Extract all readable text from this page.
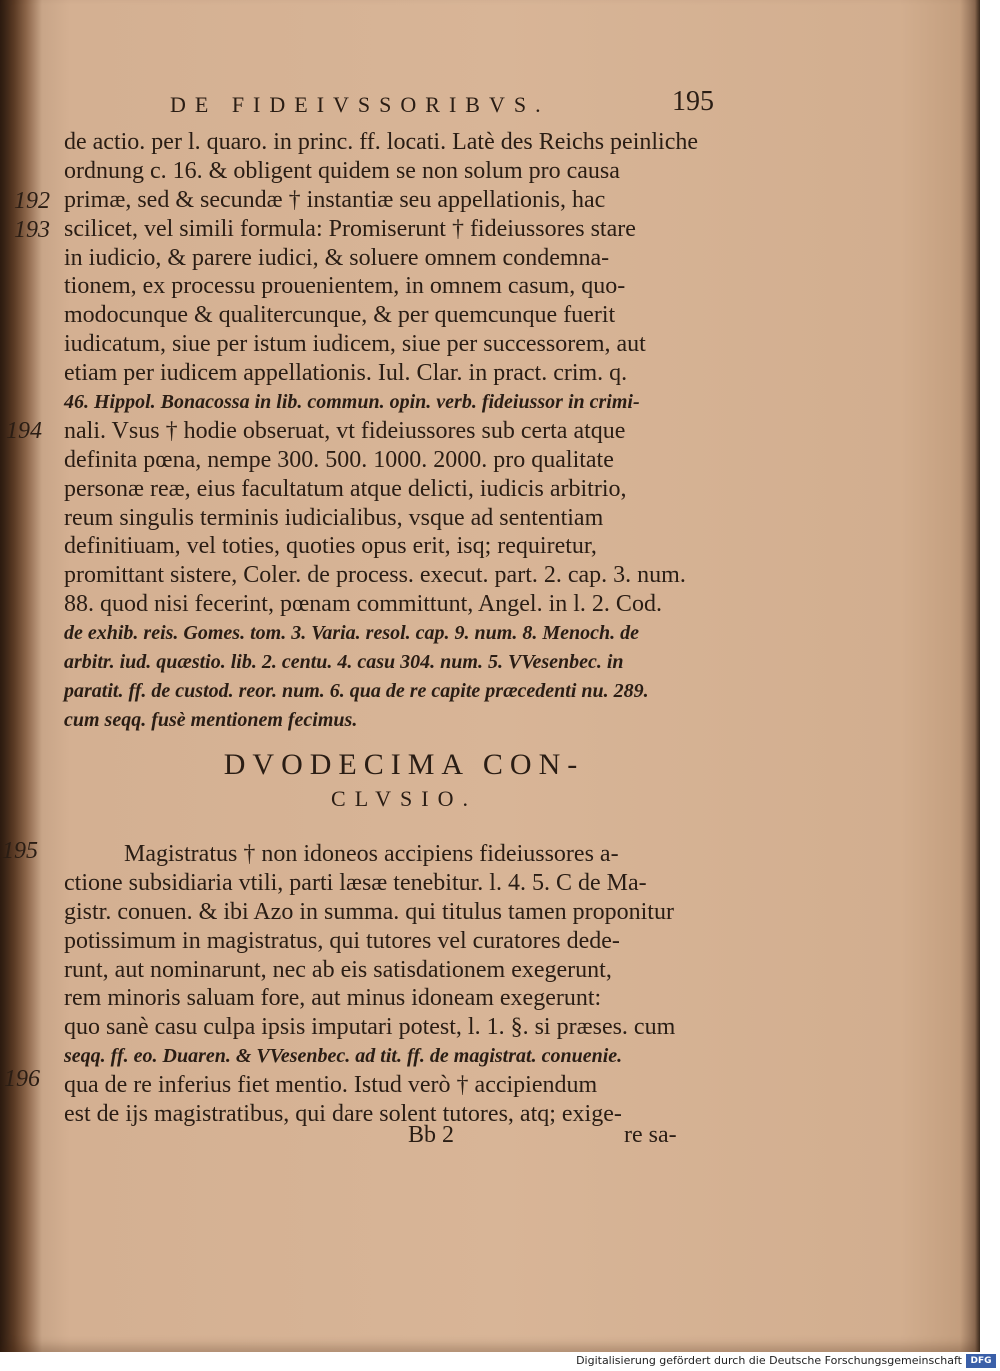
DE FIDEIVSSORIBVS.	195
192
193
194
195
196
de actio. per l. quaro. in princ. ff. locati. Latè des Reichs peinliche
ordnung c. 16. & obligent quidem se non solum pro causa
primæ, sed & secundæ † instantiæ seu appellationis, hac
scilicet, vel simili formula: Promiserunt † fideiussores stare
in iudicio, & parere iudici, & soluere omnem condemna-
tionem, ex processu prouenientem, in omnem casum, quo-
modocunque & qualitercunque, & per quemcunque fuerit
iudicatum, siue per istum iudicem, siue per successorem, aut
etiam per iudicem appellationis. Iul. Clar. in pract. crim. q.
46. Hippol. Bonacossa in lib. commun. opin. verb. fideiussor in crimi-
nali. Vsus † hodie obseruat, vt fideiussores sub certa atque
definita pœna, nempe 300. 500. 1000. 2000. pro qualitate
personæ reæ, eius facultatum atque delicti, iudicis arbitrio,
reum singulis terminis iudicialibus, vsque ad sententiam
definitiuam, vel toties, quoties opus erit, isq; requiretur,
promittant sistere, Coler. de process. execut. part. 2. cap. 3. num.
88. quod nisi fecerint, pœnam committunt, Angel. in l. 2. Cod.
de exhib. reis. Gomes. tom. 3. Varia. resol. cap. 9. num. 8. Menoch. de
arbitr. iud. quæstio. lib. 2. centu. 4. casu 304. num. 5. VVesenbec. in
paratit. ff. de custod. reor. num. 6. qua de re capite præcedenti nu. 289.
cum seqq. fusè mentionem fecimus.
DVODECIMA CON-
CLVSIO.
Magistratus † non idoneos accipiens fideiussores a-
ctione subsidiaria vtili, parti læsæ tenebitur. l. 4. 5. C de Ma-
gistr. conuen. & ibi Azo in summa. qui titulus tamen proponitur
potissimum in magistratus, qui tutores vel curatores dede-
runt, aut nominarunt, nec ab eis satisdationem exegerunt,
rem minoris saluam fore, aut minus idoneam exegerunt:
quo sanè casu culpa ipsis imputari potest, l. 1. §. si præses. cum
seqq. ff. eo. Duaren. & VVesenbec. ad tit. ff. de magistrat. conuenie.
qua de re inferius fiet mentio. Istud verò † accipiendum
est de ijs magistratibus, qui dare solent tutores, atq; exige-
Bb 2	re sa-
Digitalisierung gefördert durch die Deutsche Forschungsgemeinschaft DFG
